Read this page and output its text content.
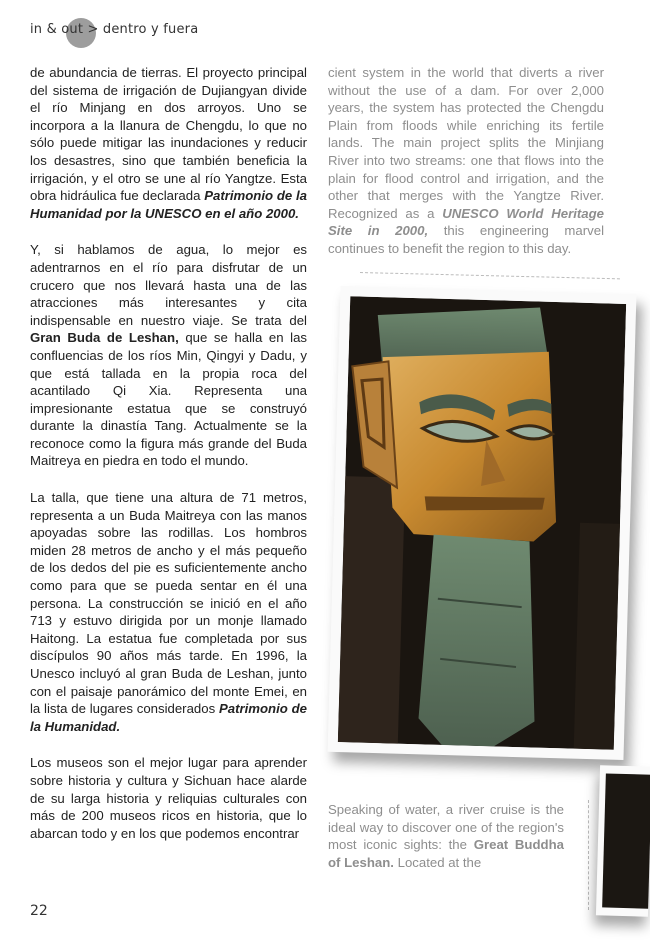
in & out > dentro y fuera

de abundancia de tierras. El proyecto principal del sistema de irrigación de Dujiangyan divide el río Minjang en dos arroyos. Uno se incorpora a la llanura de Chengdu, lo que no sólo puede mitigar las inundaciones y reducir los desastres, sino que también beneficia la irrigación, y el otro se une al río Yangtze. Esta obra hidráulica fue declarada Patrimonio de la Humanidad por la UNESCO en el año 2000.

Y, si hablamos de agua, lo mejor es adentrarnos en el río para disfrutar de un crucero que nos llevará hasta una de las atracciones más interesantes y cita indispensable en nuestro viaje. Se trata del Gran Buda de Leshan, que se halla en las confluencias de los ríos Min, Qingyi y Dadu, y que está tallada en la propia roca del acantilado Qi Xia. Representa una impresionante estatua que se construyó durante la dinastía Tang. Actualmente se la reconoce como la figura más grande del Buda Maitreya en piedra en todo el mundo.

La talla, que tiene una altura de 71 metros, representa a un Buda Maitreya con las manos apoyadas sobre las rodillas. Los hombros miden 28 metros de ancho y el más pequeño de los dedos del pie es suficientemente ancho como para que se pueda sentar en él una persona. La construcción se inició en el año 713 y estuvo dirigida por un monje llamado Haitong. La estatua fue completada por sus discípulos 90 años más tarde. En 1996, la Unesco incluyó al gran Buda de Leshan, junto con el paisaje panorámico del monte Emei, en la lista de lugares considerados Patrimonio de la Humanidad.

Los museos son el mejor lugar para aprender sobre historia y cultura y Sichuan hace alarde de su larga historia y reliquias culturales con más de 200 museos ricos en historia, que lo abarcan todo y en los que podemos encontrar

cient system in the world that diverts a river without the use of a dam. For over 2,000 years, the system has protected the Chengdu Plain from floods while enriching its fertile lands. The main project splits the Minjiang River into two streams: one that flows into the plain for flood control and irrigation, and the other that merges with the Yangtze River. Recognized as a UNESCO World Heritage Site in 2000, this engineering marvel continues to benefit the region to this day.

Speaking of water, a river cruise is the ideal way to discover one of the region's most iconic sights: the Great Buddha of Leshan. Located at the

22
